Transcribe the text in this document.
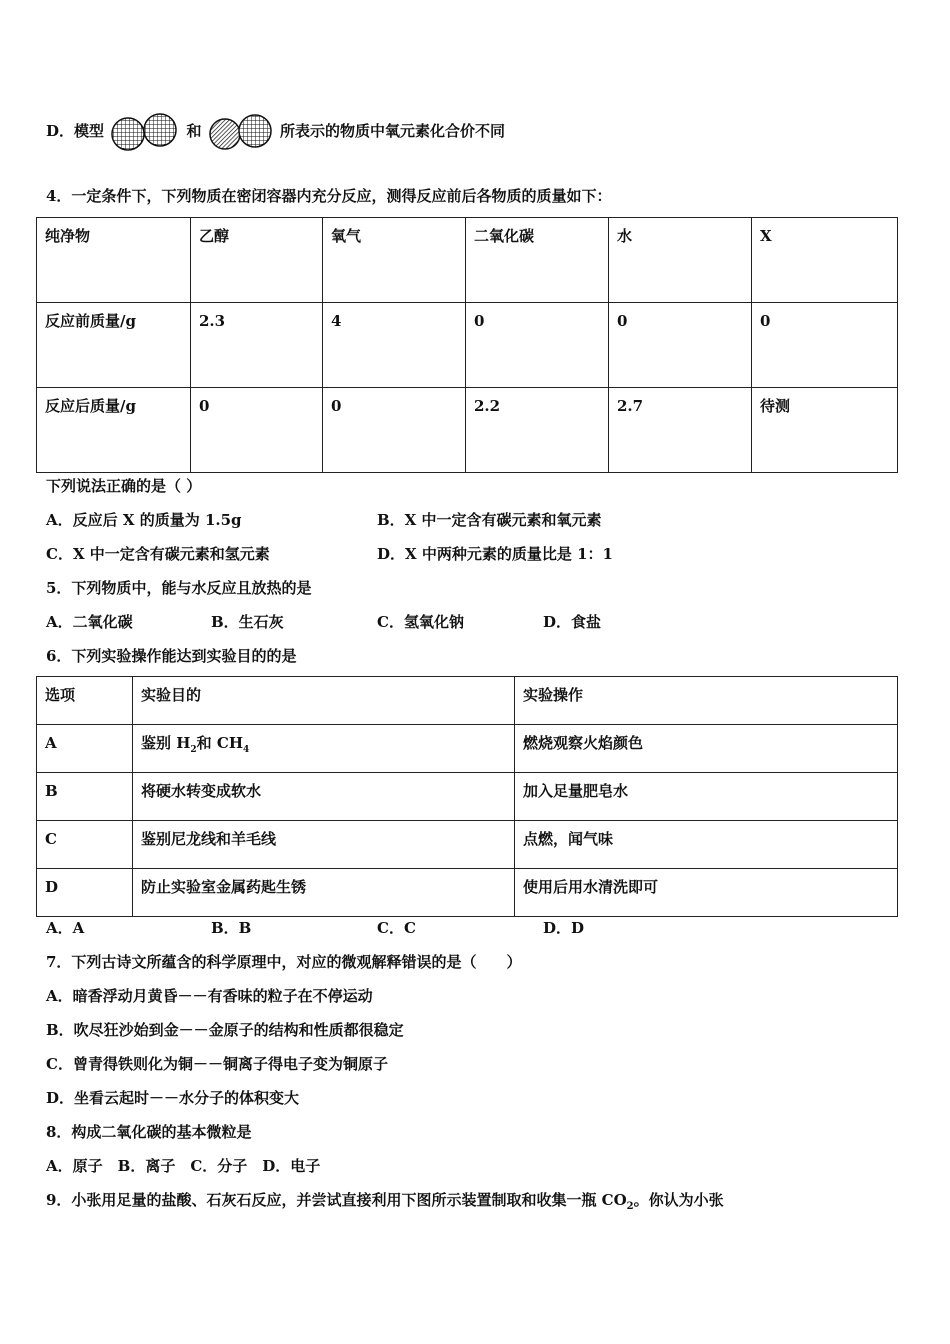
D．模型	和	所表示的物质中氧元素化合价不同
4．一定条件下，下列物质在密闭容器内充分反应，测得反应前后各物质的质量如下：
纯净物	乙醇	氧气	二氧化碳	水	X
反应前质量/g	2.3	4	0	0	0
反应后质量/g	0	0	2.2	2.7	待测
下列说法正确的是（ ）
A．反应后 X 的质量为 1.5g	B．X 中一定含有碳元素和氧元素
C．X 中一定含有碳元素和氢元素	D．X 中两种元素的质量比是 1：1
5．下列物质中，能与水反应且放热的是
A．二氧化碳	B．生石灰	C．氢氧化钠	D．食盐
6．下列实验操作能达到实验目的的是
选项	实验目的	实验操作
A	鉴别 $H_2$和 $CH_4$	燃烧观察火焰颜色
B	将硬水转变成软水	加入足量肥皂水
C	鉴别尼龙线和羊毛线	点燃，闻气味
D	防止实验室金属药匙生锈	使用后用水清洗即可
A．A	B．B	C．C	D．D
7．下列古诗文所蕴含的科学原理中，对应的微观解释错误的是（　　）
A．暗香浮动月黄昏－－有香味的粒子在不停运动
B．吹尽狂沙始到金－－金原子的结构和性质都很稳定
C．曾青得铁则化为铜－－铜离子得电子变为铜原子
D．坐看云起时－－水分子的体积变大
8．构成二氧化碳的基本微粒是
A．原子　B．离子　C．分子　D．电子
9．小张用足量的盐酸、石灰石反应，并尝试直接利用下图所示装置制取和收集一瓶 $CO_2$。你认为小张
